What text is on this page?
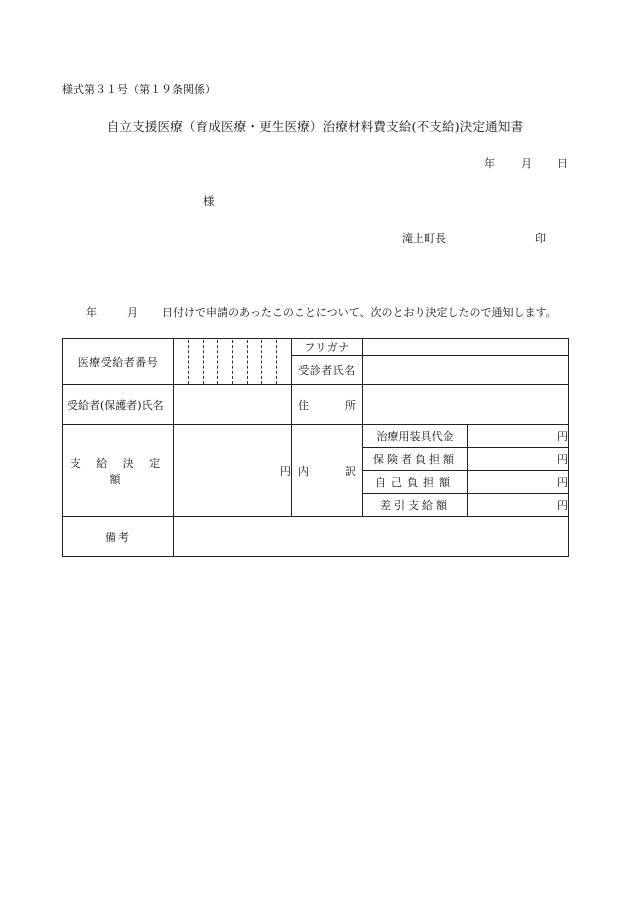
様式第３１号（第１９条関係）
自立支援医療（育成医療・更生医療）治療材料費支給(不支給)決定通知書
年 月 日
様
滝上町長	印
年	月 日付けで申請のあったこのことについて、次のとおり決定したので通知します。
医療受給者番号		フリガナ		
		受診者氏名		
受給者(保護者)氏名		住 所		

支 給 決 定 額	円	内 訳	治療用装具代金	円
			保険者負担額	円
			自己負担額	円
			差引支給額	円
備考				
